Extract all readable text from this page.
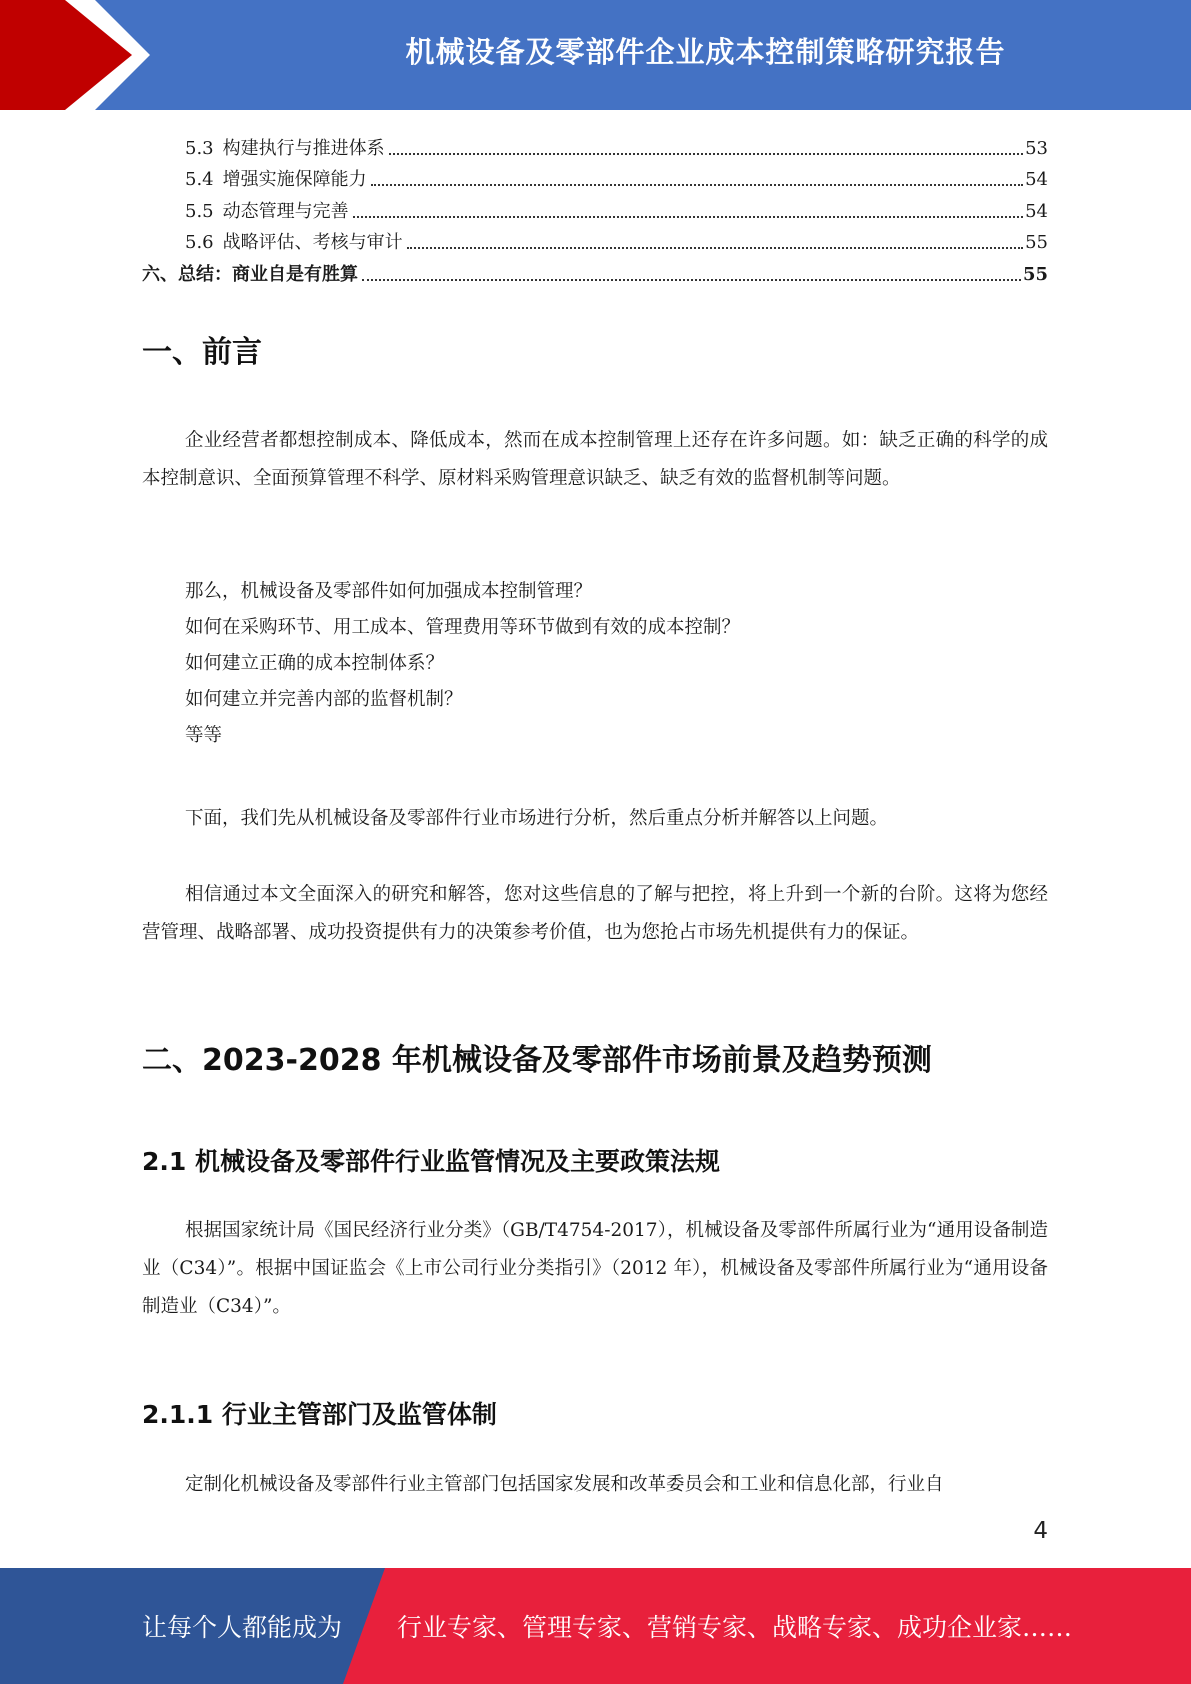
机械设备及零部件企业成本控制策略研究报告
5.3 构建执行与推进体系	53
5.4 增强实施保障能力	54
5.5 动态管理与完善	54
5.6 战略评估、考核与审计	55
六、总结：商业自是有胜算	55
一、前言

企业经营者都想控制成本、降低成本，然而在成本控制管理上还存在许多问题。如：缺乏正确的科学的成本控制意识、全面预算管理不科学、原材料采购管理意识缺乏、缺乏有效的监督机制等问题。

那么，机械设备及零部件如何加强成本控制管理？
如何在采购环节、用工成本、管理费用等环节做到有效的成本控制？
如何建立正确的成本控制体系？
如何建立并完善内部的监督机制？
等等

下面，我们先从机械设备及零部件行业市场进行分析，然后重点分析并解答以上问题。

相信通过本文全面深入的研究和解答，您对这些信息的了解与把控，将上升到一个新的台阶。这将为您经营管理、战略部署、成功投资提供有力的决策参考价值，也为您抢占市场先机提供有力的保证。

二、2023-2028 年机械设备及零部件市场前景及趋势预测
2.1 机械设备及零部件行业监管情况及主要政策法规

根据国家统计局《国民经济行业分类》（GB/T4754-2017），机械设备及零部件所属行业为“通用设备制造业（C34）”。根据中国证监会《上市公司行业分类指引》（2012 年），机械设备及零部件所属行业为“通用设备制造业（C34）”。

2.1.1 行业主管部门及监管体制

定制化机械设备及零部件行业主管部门包括国家发展和改革委员会和工业和信息化部，行业自

4
让每个人都能成为 行业专家、管理专家、营销专家、战略专家、成功企业家……
